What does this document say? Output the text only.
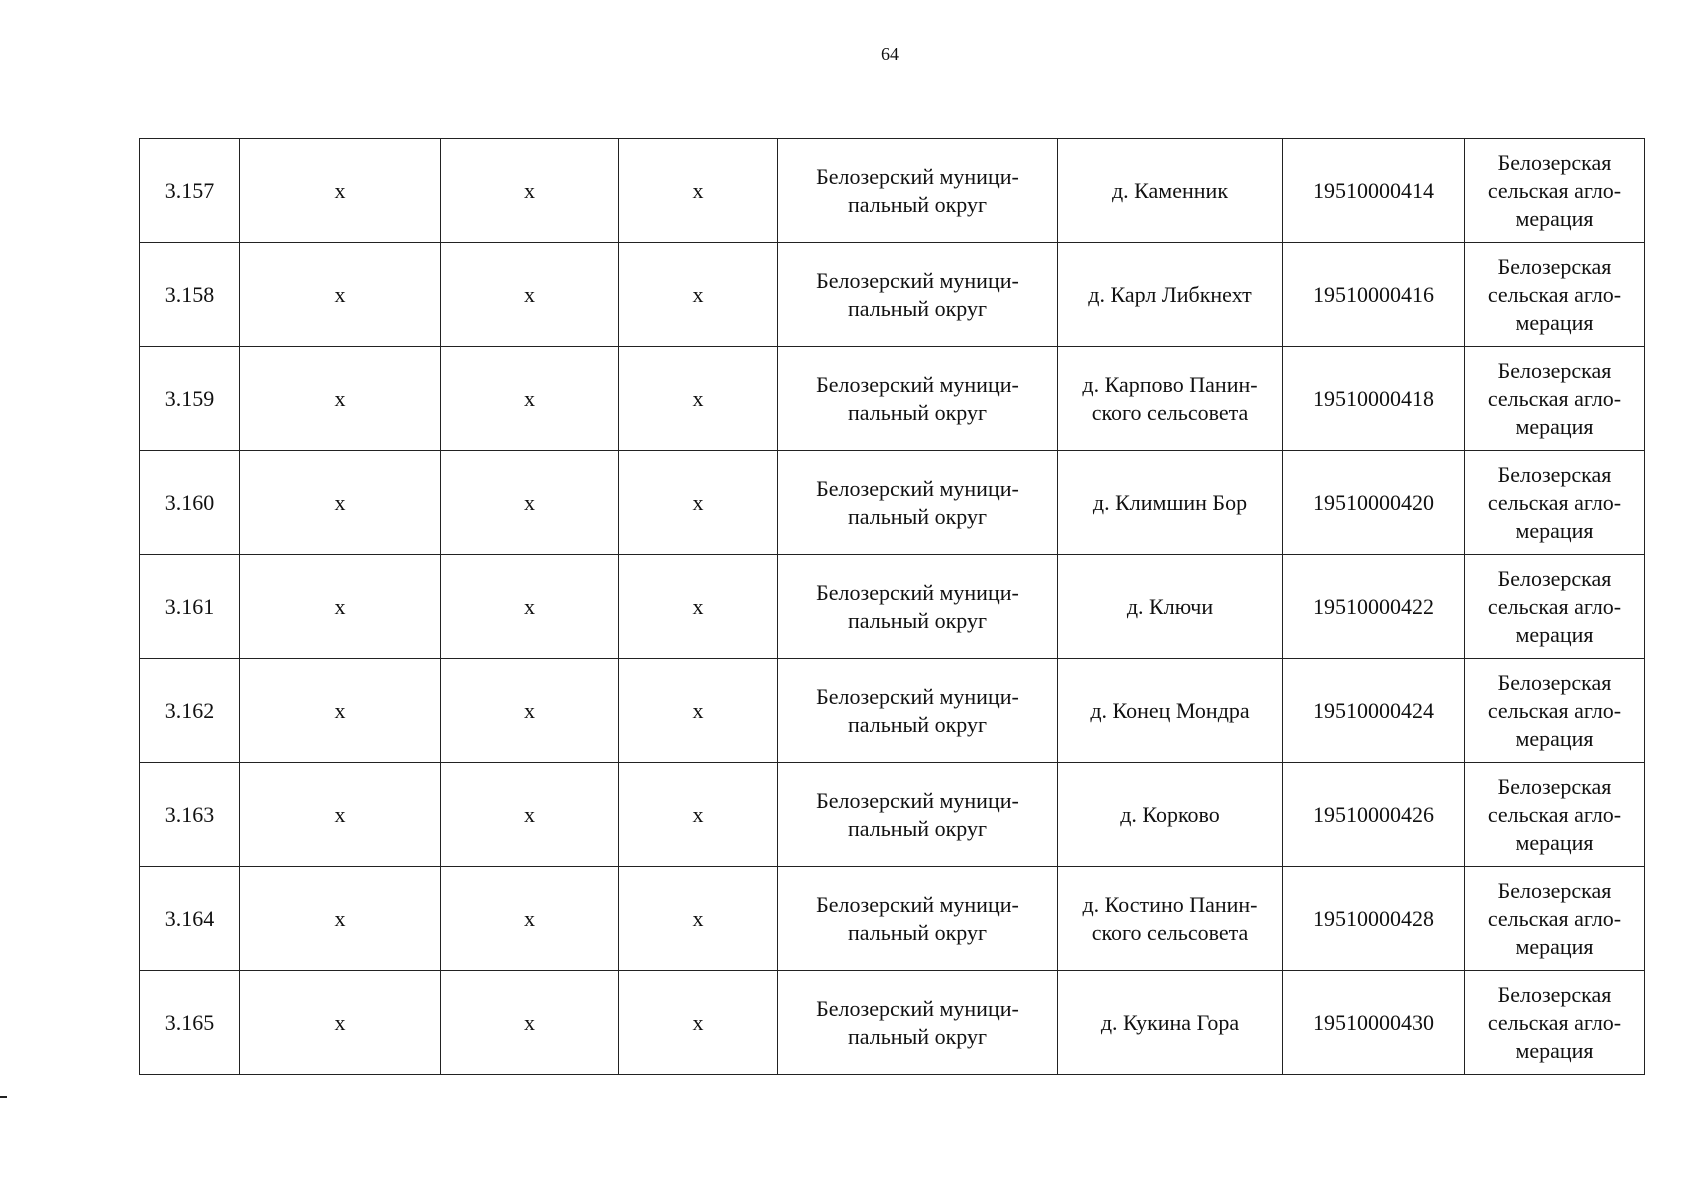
64
3.157	x	x	x	Белозерский муници-
пальный округ	д. Каменник	19510000414	Белозерская
сельская агло-
мерация

3.158	x	x	x	Белозерский муници-
пальный округ	д. Карл Либкнехт	19510000416	Белозерская
сельская агло-
мерация

3.159	x	x	x	Белозерский муници-
пальный округ	д. Карпово Панин-
ского сельсовета	19510000418	Белозерская
сельская агло-
мерация

3.160	x	x	x	Белозерский муници-
пальный округ	д. Климшин Бор	19510000420	Белозерская
сельская агло-
мерация

3.161	x	x	x	Белозерский муници-
пальный округ	д. Ключи	19510000422	Белозерская
сельская агло-
мерация

3.162	x	x	x	Белозерский муници-
пальный округ	д. Конец Мондра	19510000424	Белозерская
сельская агло-
мерация

3.163	x	x	x	Белозерский муници-
пальный округ	д. Корково	19510000426	Белозерская
сельская агло-
мерация

3.164	x	x	x	Белозерский муници-
пальный округ	д. Костино Панин-
ского сельсовета	19510000428	Белозерская
сельская агло-
мерация

3.165	x	x	x	Белозерский муници-
пальный округ	д. Кукина Гора	19510000430	Белозерская
сельская агло-
мерация
